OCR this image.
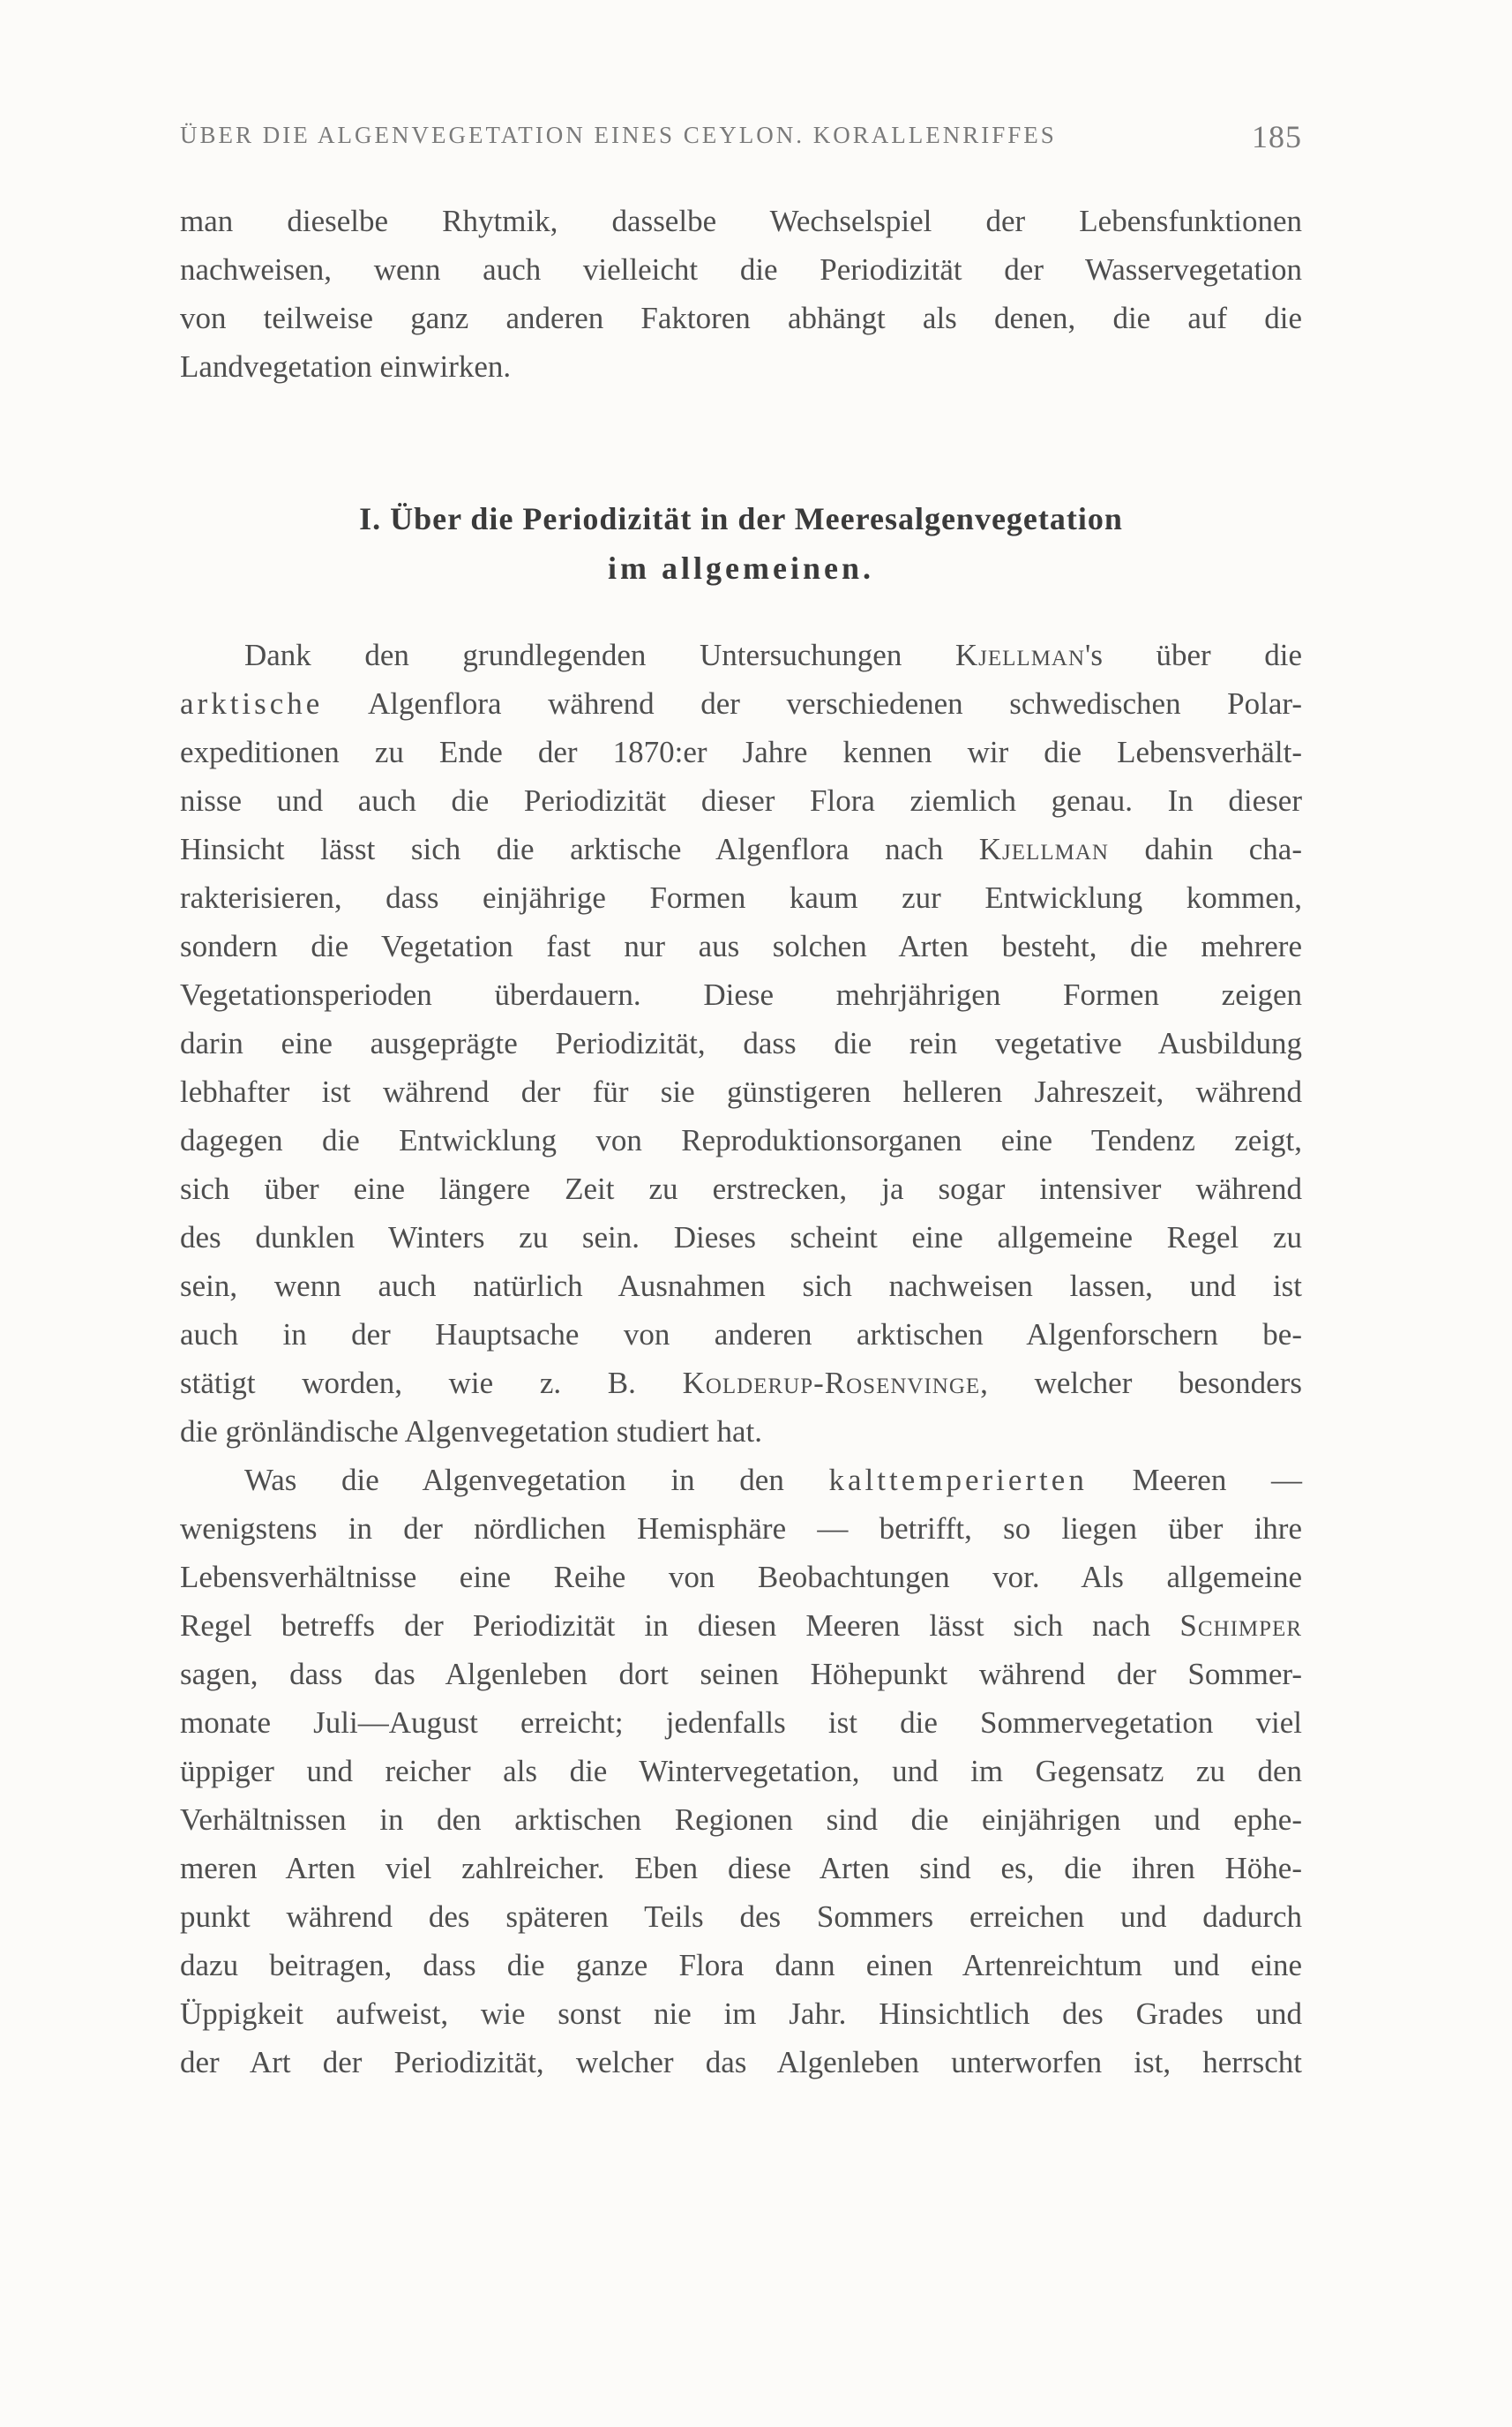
ÜBER DIE ALGENVEGETATION EINES CEYLON. KORALLENRIFFES	185
man dieselbe Rhytmik, dasselbe Wechselspiel der Lebensfunktionen
nachweisen, wenn auch vielleicht die Periodizität der Wasservegetation
von teilweise ganz anderen Faktoren abhängt als denen, die auf die
Landvegetation einwirken.
I. Über die Periodizität in der Meeresalgenvegetation
im allgemeinen.
Dank den grundlegenden Untersuchungen Kjellman's über die
arktische Algenflora während der verschiedenen schwedischen Polar-
expeditionen zu Ende der 1870:er Jahre kennen wir die Lebensverhält-
nisse und auch die Periodizität dieser Flora ziemlich genau. In dieser
Hinsicht lässt sich die arktische Algenflora nach Kjellman dahin cha-
rakterisieren, dass einjährige Formen kaum zur Entwicklung kommen,
sondern die Vegetation fast nur aus solchen Arten besteht, die mehrere
Vegetationsperioden überdauern. Diese mehrjährigen Formen zeigen
darin eine ausgeprägte Periodizität, dass die rein vegetative Ausbildung
lebhafter ist während der für sie günstigeren helleren Jahreszeit, während
dagegen die Entwicklung von Reproduktionsorganen eine Tendenz zeigt,
sich über eine längere Zeit zu erstrecken, ja sogar intensiver während
des dunklen Winters zu sein. Dieses scheint eine allgemeine Regel zu
sein, wenn auch natürlich Ausnahmen sich nachweisen lassen, und ist
auch in der Hauptsache von anderen arktischen Algenforschern be-
stätigt worden, wie z. B. Kolderup-Rosenvinge, welcher besonders
die grönländische Algenvegetation studiert hat.
Was die Algenvegetation in den kalttemperierten Meeren —
wenigstens in der nördlichen Hemisphäre — betrifft, so liegen über ihre
Lebensverhältnisse eine Reihe von Beobachtungen vor. Als allgemeine
Regel betreffs der Periodizität in diesen Meeren lässt sich nach Schimper
sagen, dass das Algenleben dort seinen Höhepunkt während der Sommer-
monate Juli—August erreicht; jedenfalls ist die Sommervegetation viel
üppiger und reicher als die Wintervegetation, und im Gegensatz zu den
Verhältnissen in den arktischen Regionen sind die einjährigen und ephe-
meren Arten viel zahlreicher. Eben diese Arten sind es, die ihren Höhe-
punkt während des späteren Teils des Sommers erreichen und dadurch
dazu beitragen, dass die ganze Flora dann einen Artenreichtum und eine
Üppigkeit aufweist, wie sonst nie im Jahr. Hinsichtlich des Grades und
der Art der Periodizität, welcher das Algenleben unterworfen ist, herrscht
